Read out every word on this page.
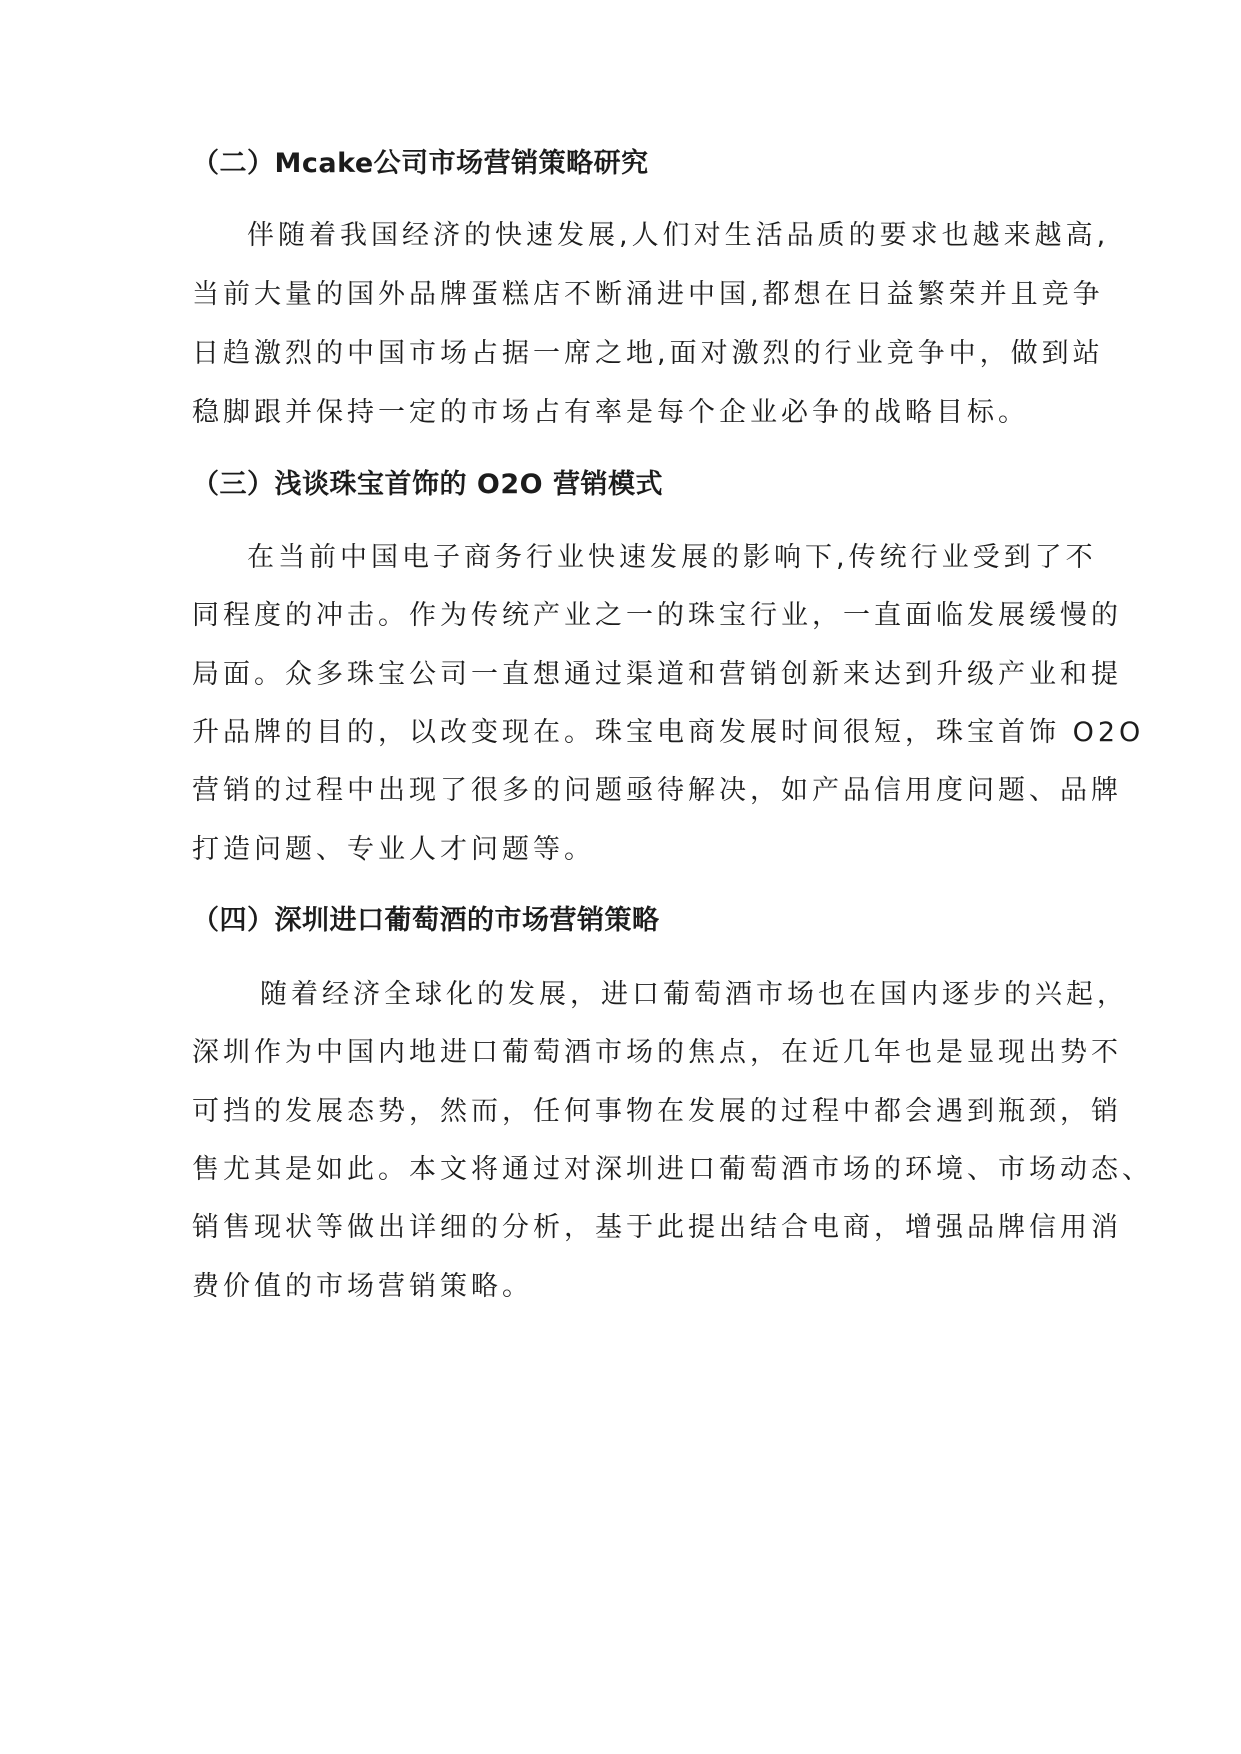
（二）Mcake公司市场营销策略研究
伴随着我国经济的快速发展,人们对生活品质的要求也越来越高,
当前大量的国外品牌蛋糕店不断涌进中国,都想在日益繁荣并且竞争
日趋激烈的中国市场占据一席之地,面对激烈的行业竞争中，做到站
稳脚跟并保持一定的市场占有率是每个企业必争的战略目标。
（三）浅谈珠宝首饰的 O2O 营销模式
在当前中国电子商务行业快速发展的影响下,传统行业受到了不
同程度的冲击。作为传统产业之一的珠宝行业，一直面临发展缓慢的
局面。众多珠宝公司一直想通过渠道和营销创新来达到升级产业和提
升品牌的目的，以改变现在。珠宝电商发展时间很短，珠宝首饰 O2O
营销的过程中出现了很多的问题亟待解决，如产品信用度问题、品牌
打造问题、专业人才问题等。
（四）深圳进口葡萄酒的市场营销策略
随着经济全球化的发展，进口葡萄酒市场也在国内逐步的兴起，
深圳作为中国内地进口葡萄酒市场的焦点，在近几年也是显现出势不
可挡的发展态势，然而，任何事物在发展的过程中都会遇到瓶颈，销
售尤其是如此。本文将通过对深圳进口葡萄酒市场的环境、市场动态、
销售现状等做出详细的分析，基于此提出结合电商，增强品牌信用消
费价值的市场营销策略。
